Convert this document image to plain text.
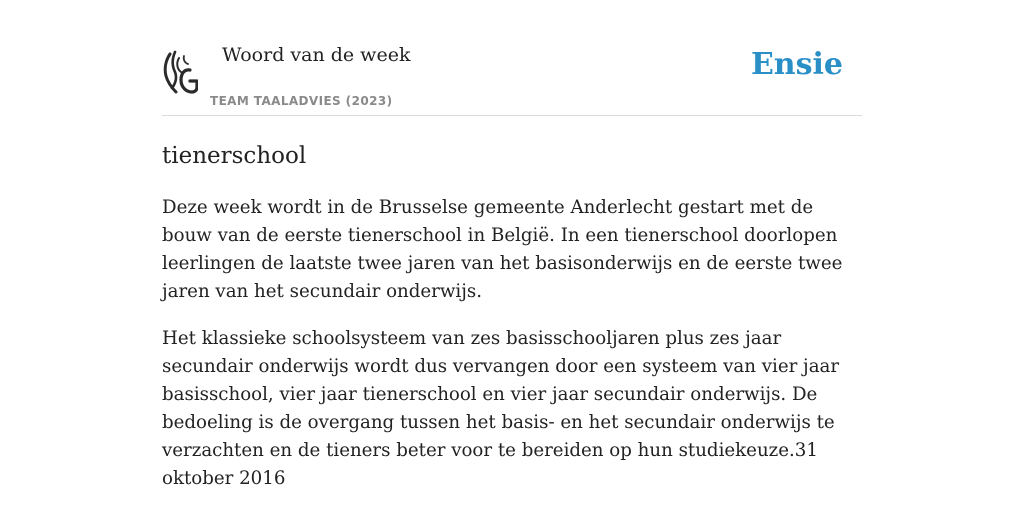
Woord van de week
TEAM TAALADVIES (2023)
Ensie
tienerschool

Deze week wordt in de Brusselse gemeente Anderlecht gestart met de bouw van de eerste tienerschool in België. In een tienerschool doorlopen leerlingen de laatste twee jaren van het basisonderwijs en de eerste twee jaren van het secundair onderwijs.

Het klassieke schoolsysteem van zes basisschooljaren plus zes jaar secundair onderwijs wordt dus vervangen door een systeem van vier jaar basisschool, vier jaar tienerschool en vier jaar secundair onderwijs. De bedoeling is de overgang tussen het basis- en het secundair onderwijs te verzachten en de tieners beter voor te bereiden op hun studiekeuze.31 oktober 2016
